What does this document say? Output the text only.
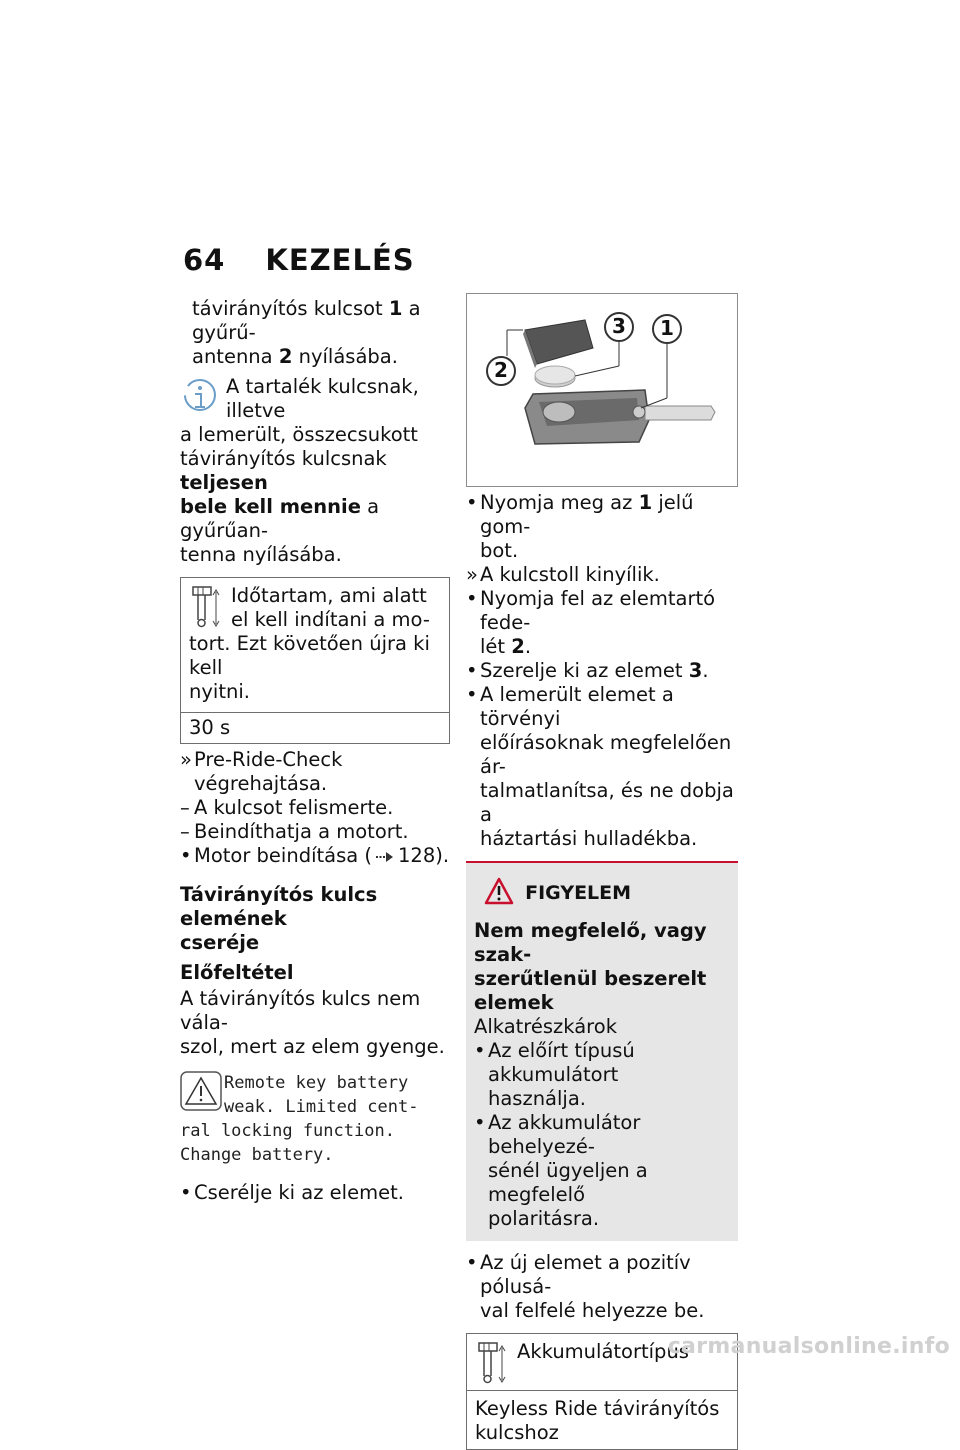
64 KEZELÉS

távirányítós kulcsot 1 a gyűrű-
antenna 2 nyílásába.

A tartalék kulcsnak, illetve
a lemerült, összecsukott

távirányítós kulcsnak teljesen
bele kell mennie a gyűrűan-
tenna nyílásába.

Időtartam, ami alatt
el kell indítani a mo-

tort. Ezt követően újra ki kell
nyitni.

30 s
» Pre-Ride-Check végrehajtása.
– A kulcsot felismerte.
– Beindíthatja a motort.
• Motor beindítása ( 128).

Távirányítós kulcs elemének
cseréje

Előfeltétel

A távirányítós kulcs nem vála-
szol, mert az elem gyenge.

Remote key battery
weak. Limited cent-
ral locking function.
Change battery.
• Cserélje ki az elemet.
2
3 1
• Nyomja meg az 1 jelű gom-
bot.
» A kulcstoll kinyílik.
• Nyomja fel az elemtartó fede-
lét 2.
• Szerelje ki az elemet 3.
• A lemerült elemet a törvényi
előírásoknak megfelelően ár-
talmatlanítsa, és ne dobja a
háztartási hulladékba.
FIGYELEM

Nem megfelelő, vagy szak-
szerűtlenül beszerelt elemek

Alkatrészkárok

• Az előírt típusú akkumulátort
használja.
• Az akkumulátor behelyezé-
sénél ügyeljen a megfelelő
polaritásra.
• Az új elemet a pozitív pólusá-
val felfelé helyezze be.

Akkumulátortípus

Keyless Ride távirányítós
kulcshoz
carmanualsonline.info
